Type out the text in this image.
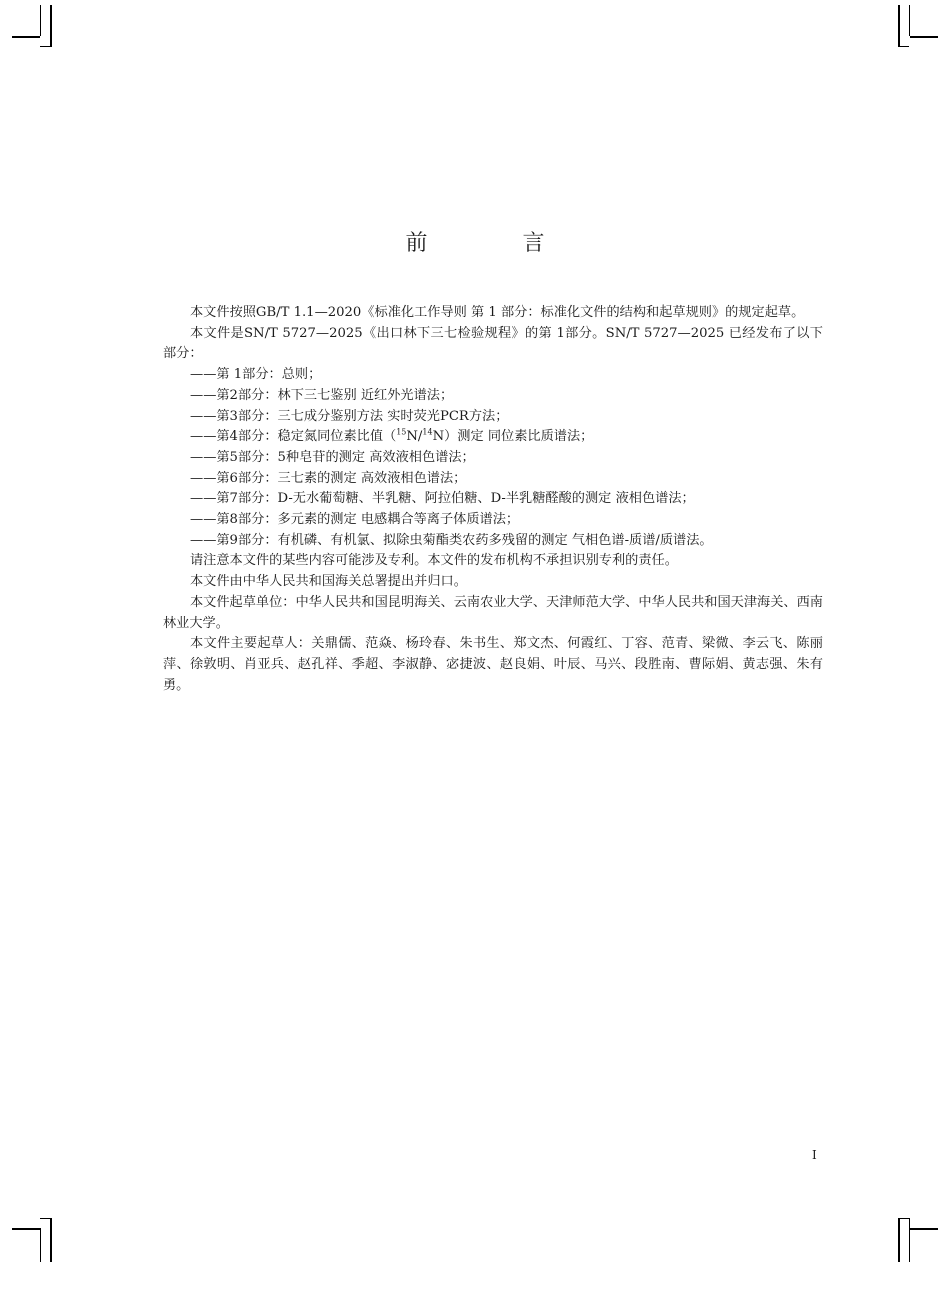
前 言

本文件按照GB/T 1.1—2020《标准化工作导则 第 1 部分：标准化文件的结构和起草规则》的规定起草。

本文件是SN/T 5727—2025《出口林下三七检验规程》的第 1部分。SN/T 5727—2025 已经发布了以下部分：

——第 1部分：总则；

——第2部分：林下三七鉴别 近红外光谱法；

——第3部分：三七成分鉴别方法 实时荧光PCR方法；

——第4部分：稳定氮同位素比值（$^{15}$N/$^{14}$N）测定 同位素比质谱法；

——第5部分：5种皂苷的测定 高效液相色谱法；

——第6部分：三七素的测定 高效液相色谱法；

——第7部分：D-无水葡萄糖、半乳糖、阿拉伯糖、D-半乳糖醛酸的测定 液相色谱法；

——第8部分：多元素的测定 电感耦合等离子体质谱法；

——第9部分：有机磷、有机氯、拟除虫菊酯类农药多残留的测定 气相色谱-质谱/质谱法。

请注意本文件的某些内容可能涉及专利。本文件的发布机构不承担识别专利的责任。

本文件由中华人民共和国海关总署提出并归口。

本文件起草单位：中华人民共和国昆明海关、云南农业大学、天津师范大学、中华人民共和国天津海关、西南林业大学。

本文件主要起草人：关鼎儒、范焱、杨玲春、朱书生、郑文杰、何霞红、丁容、范青、梁微、李云飞、陈丽萍、徐敦明、肖亚兵、赵孔祥、季超、李淑静、宓捷波、赵良娟、叶辰、马兴、段胜南、曹际娟、黄志强、朱有勇。

I
